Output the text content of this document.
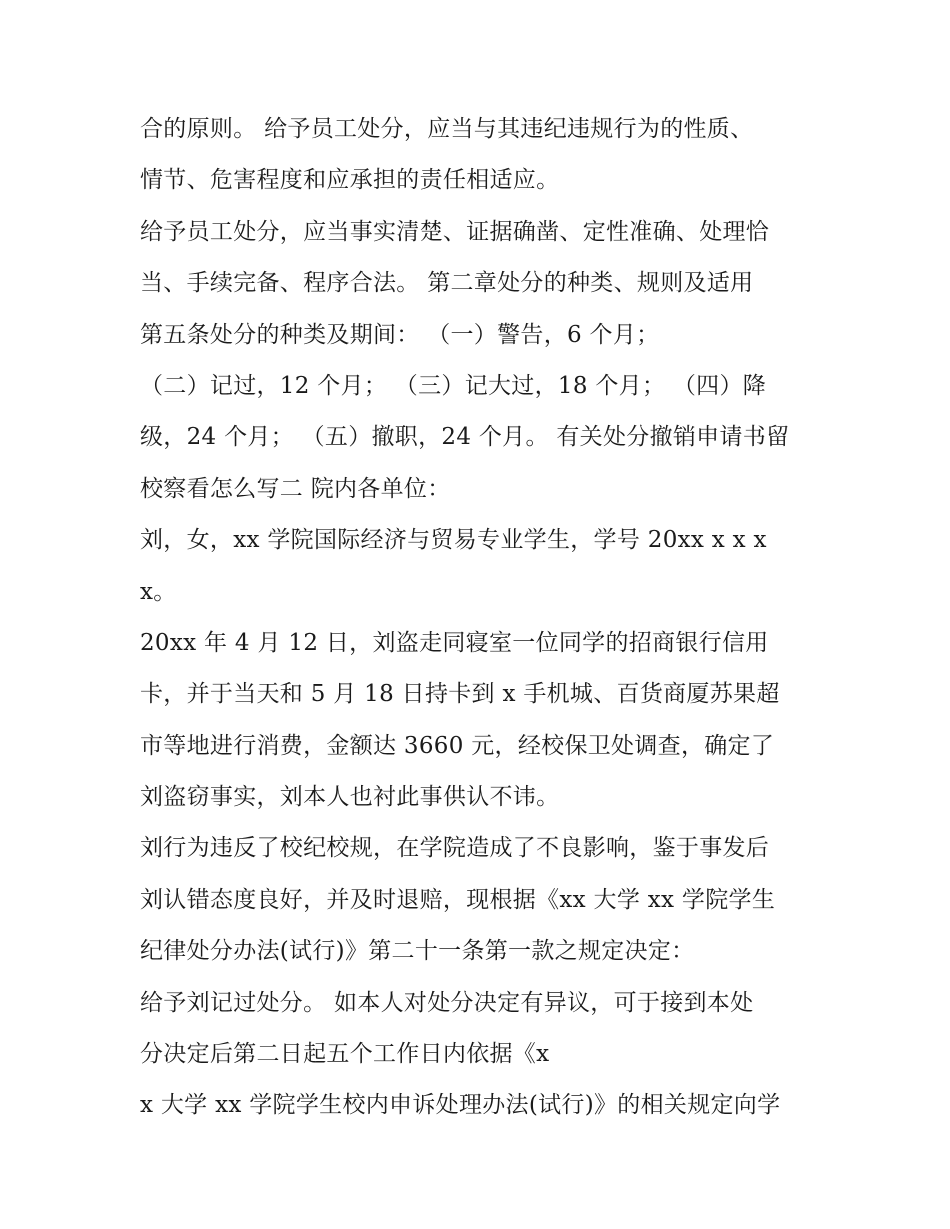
合的原则。 给予员工处分，应当与其违纪违规行为的性质、
情节、危害程度和应承担的责任相适应。
给予员工处分，应当事实清楚、证据确凿、定性准确、处理恰
当、手续完备、程序合法。 第二章处分的种类、规则及适用
第五条处分的种类及期间： （一）警告，6 个月；
（二）记过，12 个月； （三）记大过，18 个月； （四）降
级，24 个月； （五）撤职，24 个月。 有关处分撤销申请书留
校察看怎么写二 院内各单位：
刘，女，xx 学院国际经济与贸易专业学生，学号 20xx x x x
x。
20xx 年 4 月 12 日，刘盗走同寝室一位同学的招商银行信用
卡，并于当天和 5 月 18 日持卡到 x 手机城、百货商厦苏果超
市等地进行消费，金额达 3660 元，经校保卫处调查，确定了
刘盗窃事实，刘本人也衬此事供认不讳。
刘行为违反了校纪校规，在学院造成了不良影响，鉴于事发后
刘认错态度良好，并及时退赔，现根据《xx 大学 xx 学院学生
纪律处分办法(试行)》第二十一条第一款之规定决定：
给予刘记过处分。 如本人对处分决定有异议，可于接到本处
分决定后第二日起五个工作日内依据《x
x 大学 xx 学院学生校内申诉处理办法(试行)》的相关规定向学
